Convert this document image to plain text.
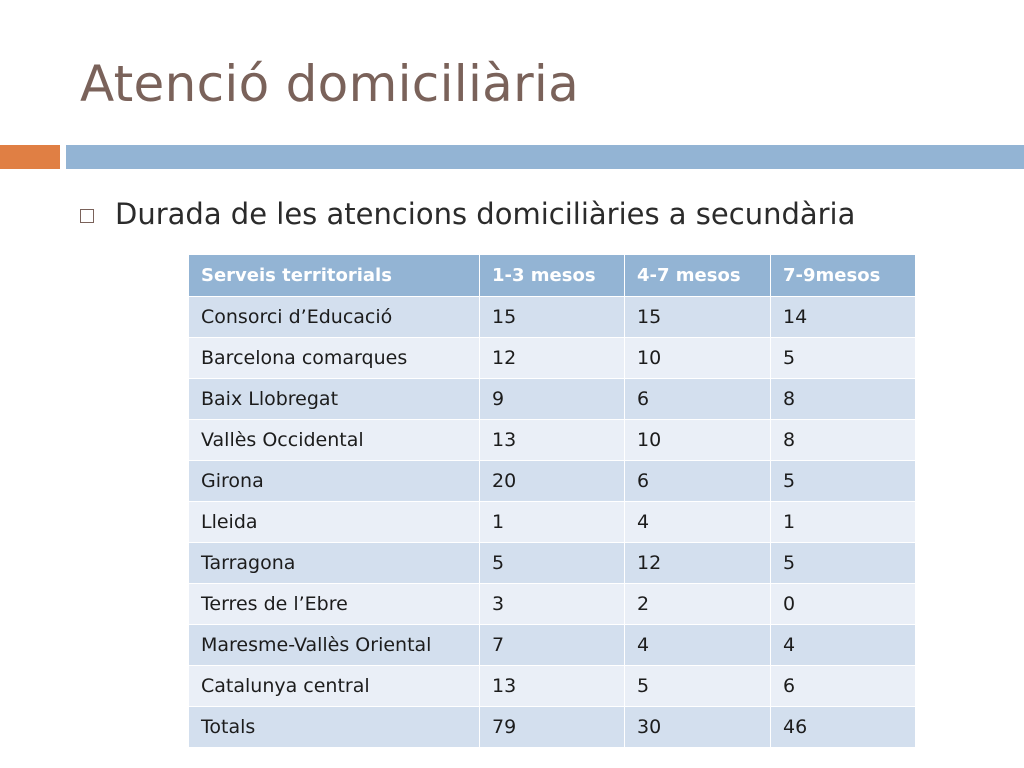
Atenció domiciliària
Durada de les atencions domiciliàries a secundària
Serveis territorials	1-3 mesos	4-7 mesos	7-9mesos
Consorci d’Educació	15	15	14
Barcelona comarques	12	10	5
Baix Llobregat	9	6	8
Vallès Occidental	13	10	8
Girona	20	6	5
Lleida	1	4	1
Tarragona	5	12	5
Terres de l’Ebre	3	2	0
Maresme-Vallès Oriental	7	4	4
Catalunya central	13	5	6
Totals	79	30	46
